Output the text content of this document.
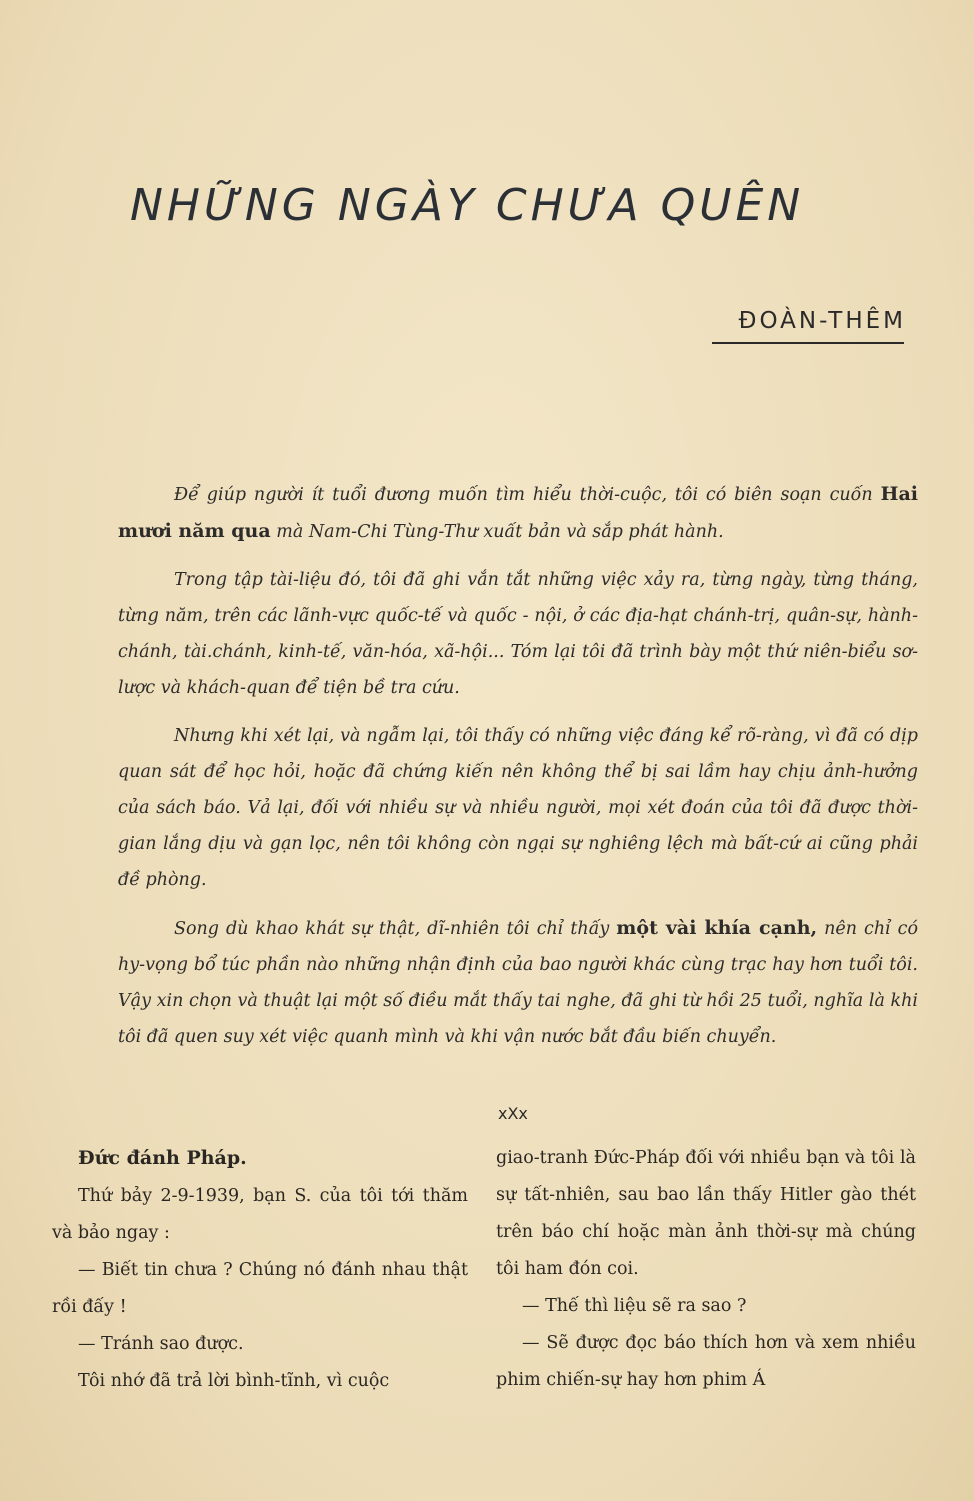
NHỮNG NGÀY CHƯA QUÊN
ĐOÀN-THÊM

Để giúp người ít tuổi đương muốn tìm hiểu thời-cuộc, tôi có biên soạn cuốn Hai mươi năm qua mà Nam-Chi Tùng-Thư xuất bản và sắp phát hành.

Trong tập tài-liệu đó, tôi đã ghi vắn tắt những việc xảy ra, từng ngày, từng tháng, từng năm, trên các lãnh-vực quốc-tế và quốc - nội, ở các địa-hạt chánh-trị, quân-sự, hành-chánh, tài.chánh, kinh-tế, văn-hóa, xã-hội... Tóm lại tôi đã trình bày một thứ niên-biểu sơ-lược và khách-quan để tiện bề tra cứu.

Nhưng khi xét lại, và ngẫm lại, tôi thấy có những việc đáng kể rõ-ràng, vì đã có dịp quan sát để học hỏi, hoặc đã chứng kiến nên không thể bị sai lầm hay chịu ảnh-hưởng của sách báo. Vả lại, đối với nhiều sự và nhiều người, mọi xét đoán của tôi đã được thời-gian lắng dịu và gạn lọc, nên tôi không còn ngại sự nghiêng lệch mà bất-cứ ai cũng phải đề phòng.

Song dù khao khát sự thật, dĩ-nhiên tôi chỉ thấy một vài khía cạnh, nên chỉ có hy-vọng bổ túc phần nào những nhận định của bao người khác cùng trạc hay hơn tuổi tôi. Vậy xin chọn và thuật lại một số điều mắt thấy tai nghe, đã ghi từ hồi 25 tuổi, nghĩa là khi tôi đã quen suy xét việc quanh mình và khi vận nước bắt đầu biến chuyển.

xXx
Đức đánh Pháp.

Thứ bảy 2-9-1939, bạn S. của tôi tới thăm và bảo ngay :

— Biết tin chưa ? Chúng nó đánh nhau thật rồi đấy !

— Tránh sao được.

Tôi nhớ đã trả lời bình-tĩnh, vì cuộc

giao-tranh Đức-Pháp đối với nhiều bạn và tôi là sự tất-nhiên, sau bao lần thấy Hitler gào thét trên báo chí hoặc màn ảnh thời-sự mà chúng tôi ham đón coi.

— Thế thì liệu sẽ ra sao ?

— Sẽ được đọc báo thích hơn và xem nhiều phim chiến-sự hay hơn phim Á
